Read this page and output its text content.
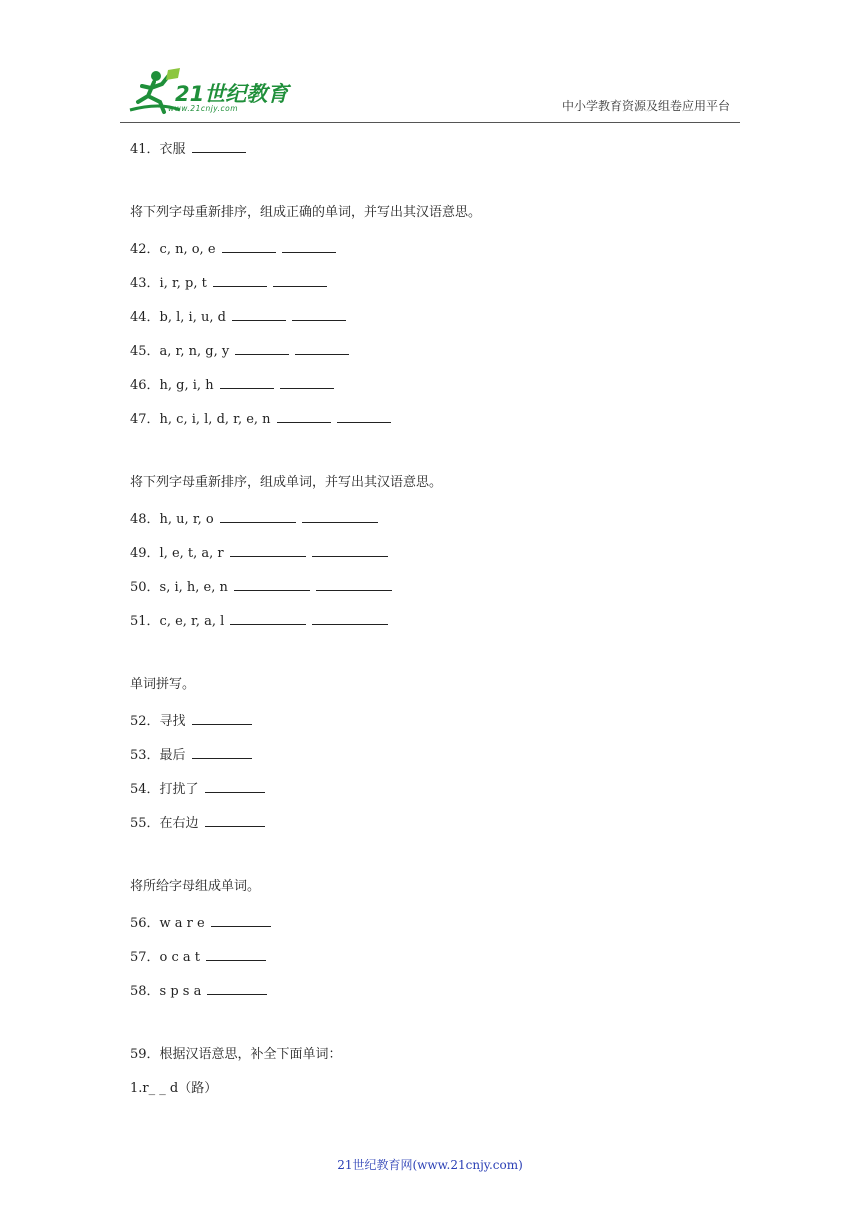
21世纪教育
www.21cnjy.com	中小学教育资源及组卷应用平台
41．衣服
将下列字母重新排序，组成正确的单词，并写出其汉语意思。
42．c, n, o, e
43．i, r, p, t
44．b, l, i, u, d
45．a, r, n, g, y
46．h, g, i, h
47．h, c, i, l, d, r, e, n
将下列字母重新排序，组成单词，并写出其汉语意思。
48．h, u, r, o
49．l, e, t, a, r
50．s, i, h, e, n
51．c, e, r, a, l
单词拼写。
52．寻找
53．最后
54．打扰了
55．在右边
将所给字母组成单词。
56．w a r e
57．o c a t
58．s p s a
59．根据汉语意思，补全下面单词：
1.r_ _ d（路）
21世纪教育网(www.21cnjy.com)
